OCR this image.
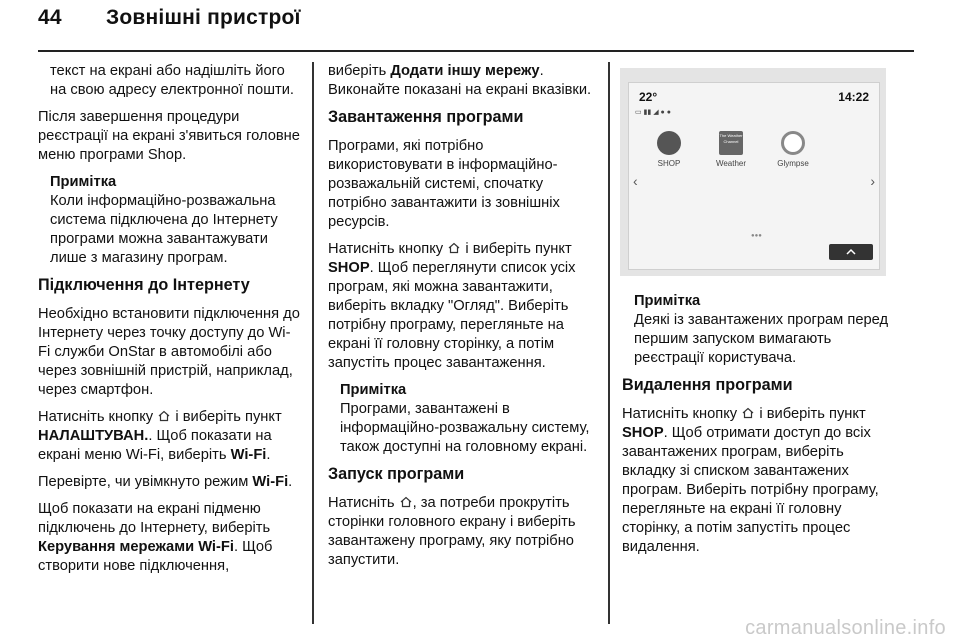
44 Зовнішні пристрої

текст на екрані або надішліть його на свою адресу електронної пошти.

Після завершення процедури реєстрації на екрані з'явиться головне меню програми Shop.

Примітка
Коли інформаційно-розважальна система підключена до Інтернету програми можна завантажувати лише з магазину програм.
Підключення до Інтернету

Необхідно встановити підключення до Інтернету через точку доступу до Wi-Fi служби OnStar в автомобілі або через зовнішній пристрій, наприклад, через смартфон.

Натисніть кнопку і виберіть пункт НАЛАШТУВАН.. Щоб показати на екрані меню Wi-Fi, виберіть Wi-Fi.

Перевірте, чи увімкнуто режим Wi-Fi.

Щоб показати на екрані підменю підключень до Інтернету, виберіть Керування мережами Wi-Fi. Щоб створити нове підключення,

виберіть Додати іншу мережу. Виконайте показані на екрані вказівки.

Завантаження програми

Програми, які потрібно використовувати в інформаційно-розважальній системі, спочатку потрібно завантажити із зовнішніх ресурсів.

Натисніть кнопку і виберіть пункт SHOP. Щоб переглянути список усіх програм, які можна завантажити, виберіть вкладку "Огляд". Виберіть потрібну програму, перегляньте на екрані її головну сторінку, а потім запустіть процес завантаження.

Примітка
Програми, завантажені в інформаційно-розважальну систему, також доступні на головному екрані.
Запуск програми

Натисніть , за потреби прокрутіть сторінки головного екрану і виберіть завантажену програму, яку потрібно запустити.

22°	14:22
▭ ▮▮ ◢ ● ●
‹	›
SHOP
The Weather Channel
Weather	Glympse
●●●
Примітка
Деякі із завантажених програм перед першим запуском вимагають реєстрації користувача.
Видалення програми

Натисніть кнопку і виберіть пункт SHOP. Щоб отримати доступ до всіх завантажених програм, виберіть вкладку зі списком завантажених програм. Виберіть потрібну програму, перегляньте на екрані її головну сторінку, а потім запустіть процес видалення.

carmanualsonline.info
